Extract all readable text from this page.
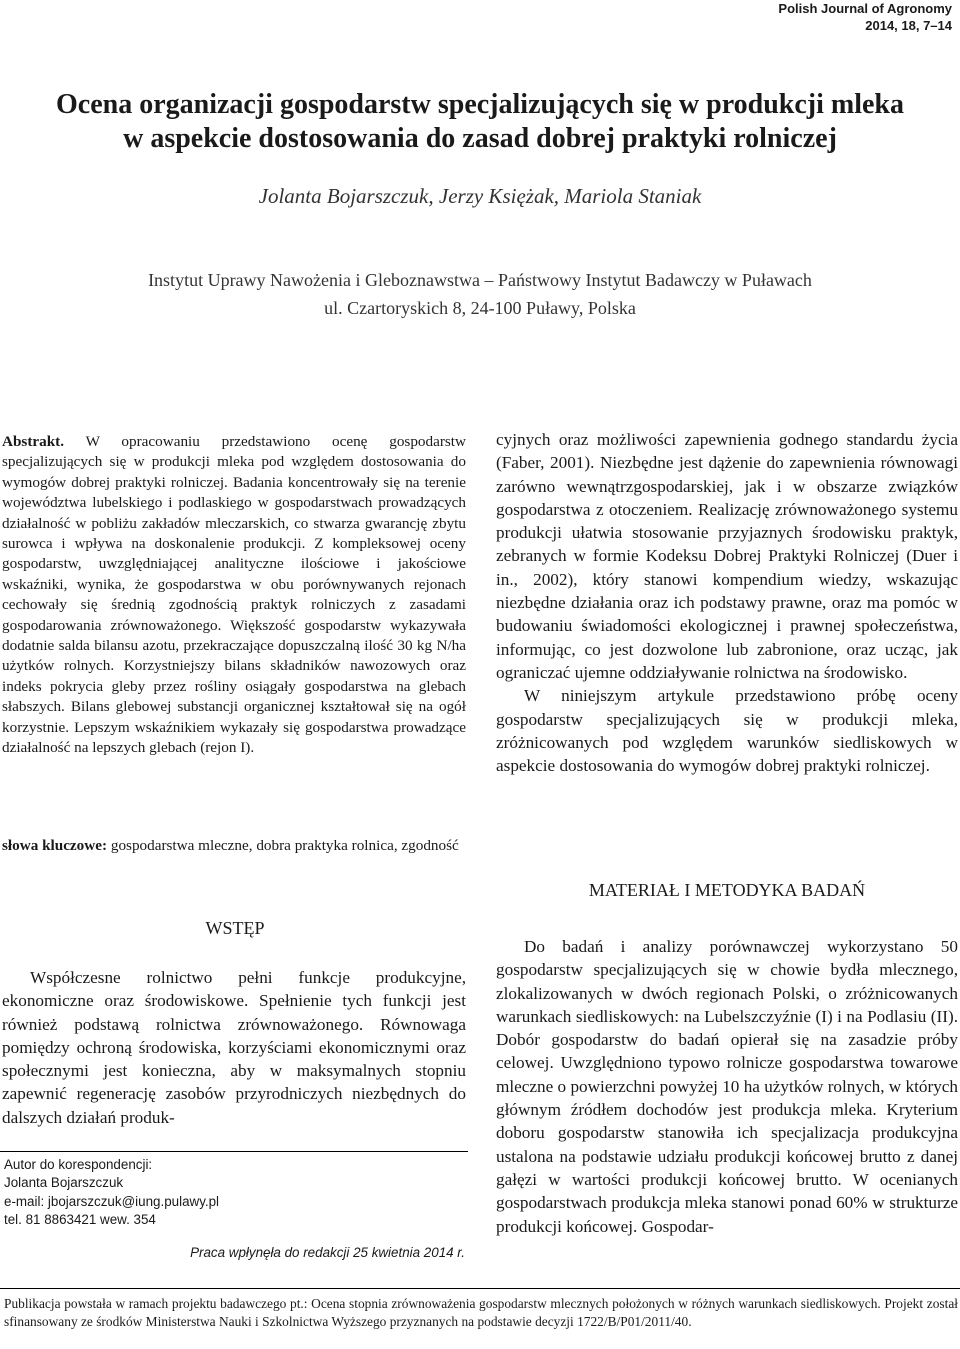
Polish Journal of Agronomy
2014, 18, 7–14
Ocena organizacji gospodarstw specjalizujących się w produkcji mleka
w aspekcie dostosowania do zasad dobrej praktyki rolniczej
Jolanta Bojarszczuk, Jerzy Księżak, Mariola Staniak
Instytut Uprawy Nawożenia i Gleboznawstwa – Państwowy Instytut Badawczy w Puławach
ul. Czartoryskich 8, 24-100 Puławy, Polska

Abstrakt. W opracowaniu przedstawiono ocenę gospodarstw specjalizujących się w produkcji mleka pod względem dostosowania do wymogów dobrej praktyki rolniczej. Badania koncentrowały się na terenie województwa lubelskiego i podlaskiego w gospodarstwach prowadzących działalność w pobliżu zakładów mleczarskich, co stwarza gwarancję zbytu surowca i wpływa na doskonalenie produkcji. Z kompleksowej oceny gospodarstw, uwzględniającej analityczne ilościowe i jakościowe wskaźniki, wynika, że gospodarstwa w obu porównywanych rejonach cechowały się średnią zgodnością praktyk rolniczych z zasadami gospodarowania zrównoważonego. Większość gospodarstw wykazywała dodatnie salda bilansu azotu, przekraczające dopuszczalną ilość 30 kg N/ha użytków rolnych. Korzystniejszy bilans składników nawozowych oraz indeks pokrycia gleby przez rośliny osiągały gospodarstwa na glebach słabszych. Bilans glebowej substancji organicznej kształtował się na ogół korzystnie. Lepszym wskaźnikiem wykazały się gospodarstwa prowadzące działalność na lepszych glebach (rejon I).

słowa kluczowe: gospodarstwa mleczne, dobra praktyka rolnica, zgodność

WSTĘP

Współczesne rolnictwo pełni funkcje produkcyjne, ekonomiczne oraz środowiskowe. Spełnienie tych funkcji jest również podstawą rolnictwa zrównoważonego. Równowaga pomiędzy ochroną środowiska, korzyściami ekonomicznymi oraz społecznymi jest konieczna, aby w maksymalnych stopniu zapewnić regenerację zasobów przyrodniczych niezbędnych do dalszych działań produk-

Autor do korespondencji:
Jolanta Bojarszczuk
e-mail: jbojarszczuk@iung.pulawy.pl
tel. 81 8863421 wew. 354
Praca wpłynęła do redakcji 25 kwietnia 2014 r.

cyjnych oraz możliwości zapewnienia godnego standardu życia (Faber, 2001). Niezbędne jest dążenie do zapewnienia równowagi zarówno wewnątrzgospodarskiej, jak i w obszarze związków gospodarstwa z otoczeniem. Realizację zrównoważonego systemu produkcji ułatwia stosowanie przyjaznych środowisku praktyk, zebranych w formie Kodeksu Dobrej Praktyki Rolniczej (Duer i in., 2002), który stanowi kompendium wiedzy, wskazując niezbędne działania oraz ich podstawy prawne, oraz ma pomóc w budowaniu świadomości ekologicznej i prawnej społeczeństwa, informując, co jest dozwolone lub zabronione, oraz ucząc, jak ograniczać ujemne oddziaływanie rolnictwa na środowisko.

W niniejszym artykule przedstawiono próbę oceny gospodarstw specjalizujących się w produkcji mleka, zróżnicowanych pod względem warunków siedliskowych w aspekcie dostosowania do wymogów dobrej praktyki rolniczej.

MATERIAŁ I METODYKA BADAŃ

Do badań i analizy porównawczej wykorzystano 50 gospodarstw specjalizujących się w chowie bydła mlecznego, zlokalizowanych w dwóch regionach Polski, o zróżnicowanych warunkach siedliskowych: na Lubelszczyźnie (I) i na Podlasiu (II). Dobór gospodarstw do badań opierał się na zasadzie próby celowej. Uwzględniono typowo rolnicze gospodarstwa towarowe mleczne o powierzchni powyżej 10 ha użytków rolnych, w których głównym źródłem dochodów jest produkcja mleka. Kryterium doboru gospodarstw stanowiła ich specjalizacja produkcyjna ustalona na podstawie udziału produkcji końcowej brutto z danej gałęzi w wartości produkcji końcowej brutto. W ocenianych gospodarstwach produkcja mleka stanowi ponad 60% w strukturze produkcji końcowej. Gospodar-

Publikacja powstała w ramach projektu badawczego pt.: Ocena stopnia zrównoważenia gospodarstw mlecznych położonych w różnych warunkach siedliskowych. Projekt został sfinansowany ze środków Ministerstwa Nauki i Szkolnictwa Wyższego przyznanych na podstawie decyzji 1722/B/P01/2011/40.
